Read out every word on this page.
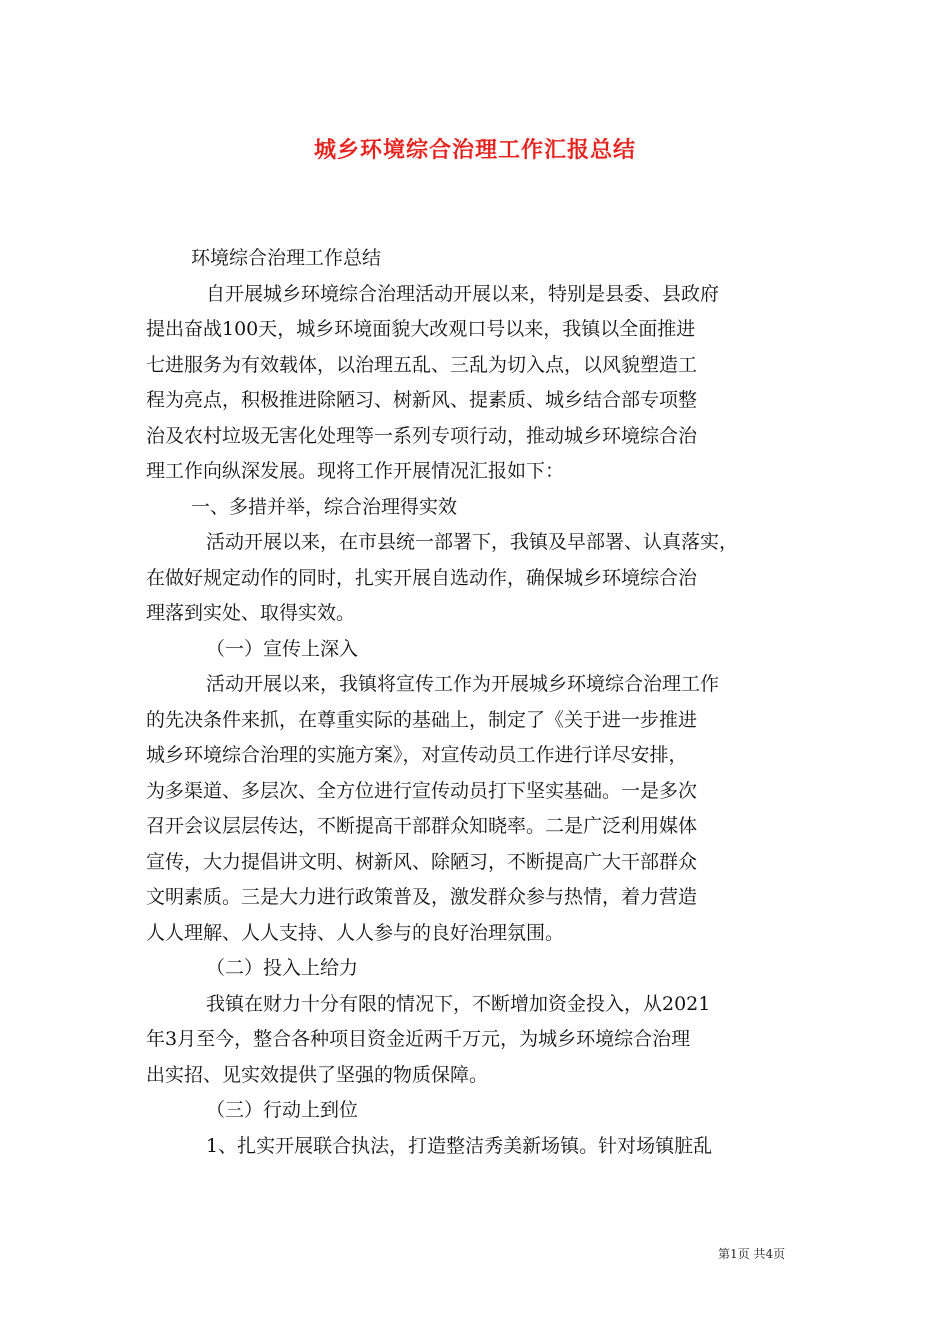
城乡环境综合治理工作汇报总结
环境综合治理工作总结
自开展城乡环境综合治理活动开展以来，特别是县委、县政府
提出奋战100天，城乡环境面貌大改观口号以来，我镇以全面推进
七进服务为有效载体，以治理五乱、三乱为切入点，以风貌塑造工
程为亮点，积极推进除陋习、树新风、提素质、城乡结合部专项整
治及农村垃圾无害化处理等一系列专项行动，推动城乡环境综合治
理工作向纵深发展。现将工作开展情况汇报如下：
一、多措并举，综合治理得实效
活动开展以来，在市县统一部署下，我镇及早部署、认真落实，
在做好规定动作的同时，扎实开展自选动作，确保城乡环境综合治
理落到实处、取得实效。
（一）宣传上深入
活动开展以来，我镇将宣传工作为开展城乡环境综合治理工作
的先决条件来抓，在尊重实际的基础上，制定了《关于进一步推进
城乡环境综合治理的实施方案》，对宣传动员工作进行详尽安排，
为多渠道、多层次、全方位进行宣传动员打下坚实基础。一是多次
召开会议层层传达，不断提高干部群众知晓率。二是广泛利用媒体
宣传，大力提倡讲文明、树新风、除陋习，不断提高广大干部群众
文明素质。三是大力进行政策普及，激发群众参与热情，着力营造
人人理解、人人支持、人人参与的良好治理氛围。
（二）投入上给力
我镇在财力十分有限的情况下，不断增加资金投入，从2021
年3月至今，整合各种项目资金近两千万元，为城乡环境综合治理
出实招、见实效提供了坚强的物质保障。
（三）行动上到位
1、扎实开展联合执法，打造整洁秀美新场镇。针对场镇脏乱
第1页 共4页
